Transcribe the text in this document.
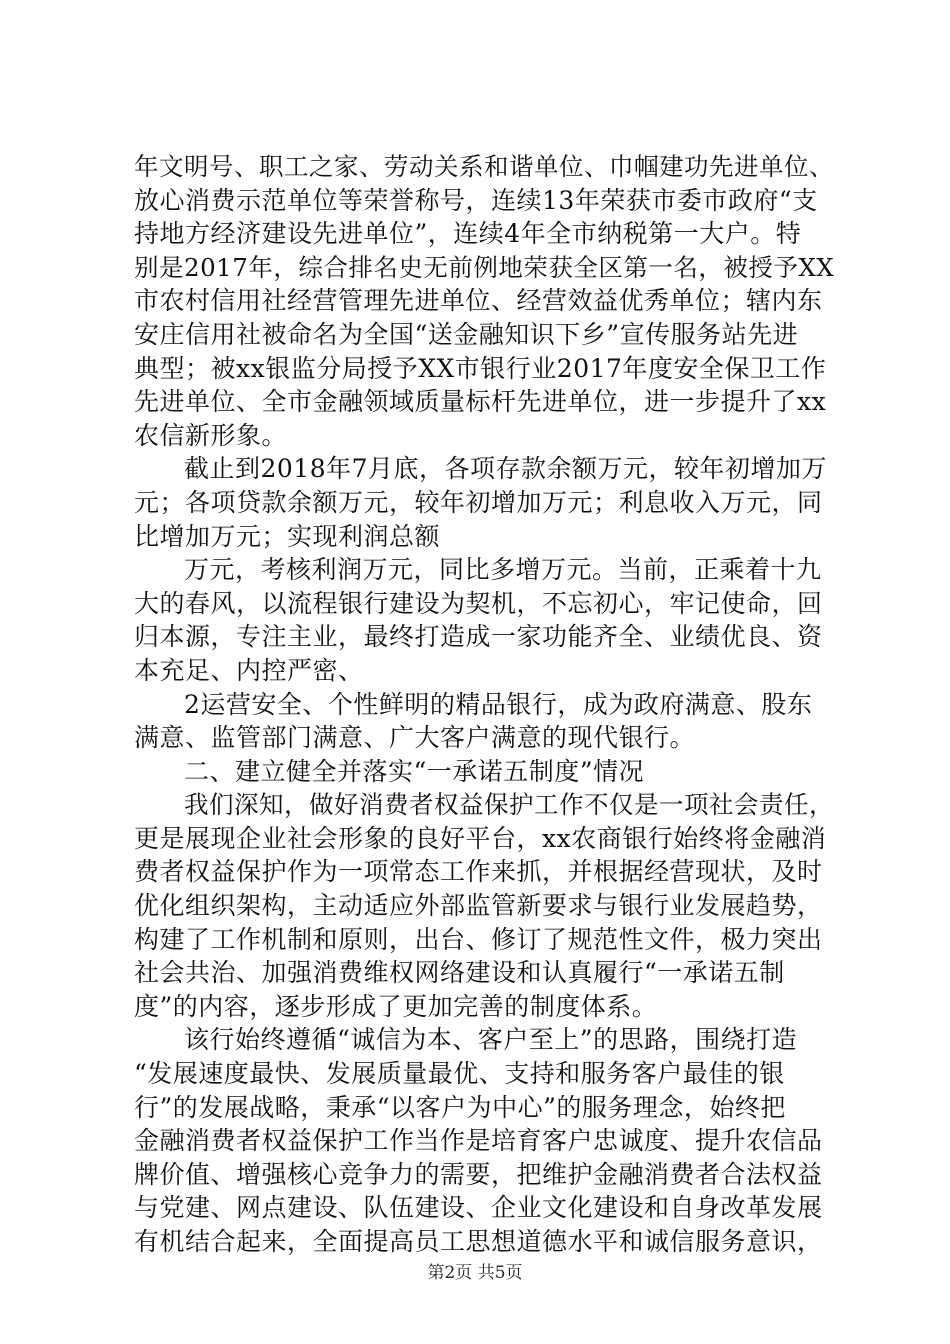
年文明号、职工之家、劳动关系和谐单位、巾帼建功先进单位、
放心消费示范单位等荣誉称号，连续13年荣获市委市政府“支
持地方经济建设先进单位”，连续4年全市纳税第一大户。特
别是2017年，综合排名史无前例地荣获全区第一名，被授予XX
市农村信用社经营管理先进单位、经营效益优秀单位；辖内东
安庄信用社被命名为全国“送金融知识下乡”宣传服务站先进
典型；被xx银监分局授予XX市银行业2017年度安全保卫工作
先进单位、全市金融领域质量标杆先进单位，进一步提升了xx
农信新形象。
截止到2018年7月底，各项存款余额万元，较年初增加万
元；各项贷款余额万元，较年初增加万元；利息收入万元，同
比增加万元；实现利润总额
万元，考核利润万元，同比多增万元。当前，正乘着十九
大的春风，以流程银行建设为契机，不忘初心，牢记使命，回
归本源，专注主业，最终打造成一家功能齐全、业绩优良、资
本充足、内控严密、
2运营安全、个性鲜明的精品银行，成为政府满意、股东
满意、监管部门满意、广大客户满意的现代银行。
二、建立健全并落实“一承诺五制度”情况
我们深知，做好消费者权益保护工作不仅是一项社会责任，
更是展现企业社会形象的良好平台，xx农商银行始终将金融消
费者权益保护作为一项常态工作来抓，并根据经营现状，及时
优化组织架构，主动适应外部监管新要求与银行业发展趋势，
构建了工作机制和原则，出台、修订了规范性文件，极力突出
社会共治、加强消费维权网络建设和认真履行“一承诺五制
度”的内容，逐步形成了更加完善的制度体系。
该行始终遵循“诚信为本、客户至上”的思路，围绕打造
“发展速度最快、发展质量最优、支持和服务客户最佳的银
行”的发展战略，秉承“以客户为中心”的服务理念，始终把
金融消费者权益保护工作当作是培育客户忠诚度、提升农信品
牌价值、增强核心竞争力的需要，把维护金融消费者合法权益
与党建、网点建设、队伍建设、企业文化建设和自身改革发展
有机结合起来，全面提高员工思想道德水平和诚信服务意识，
第2页 共5页
